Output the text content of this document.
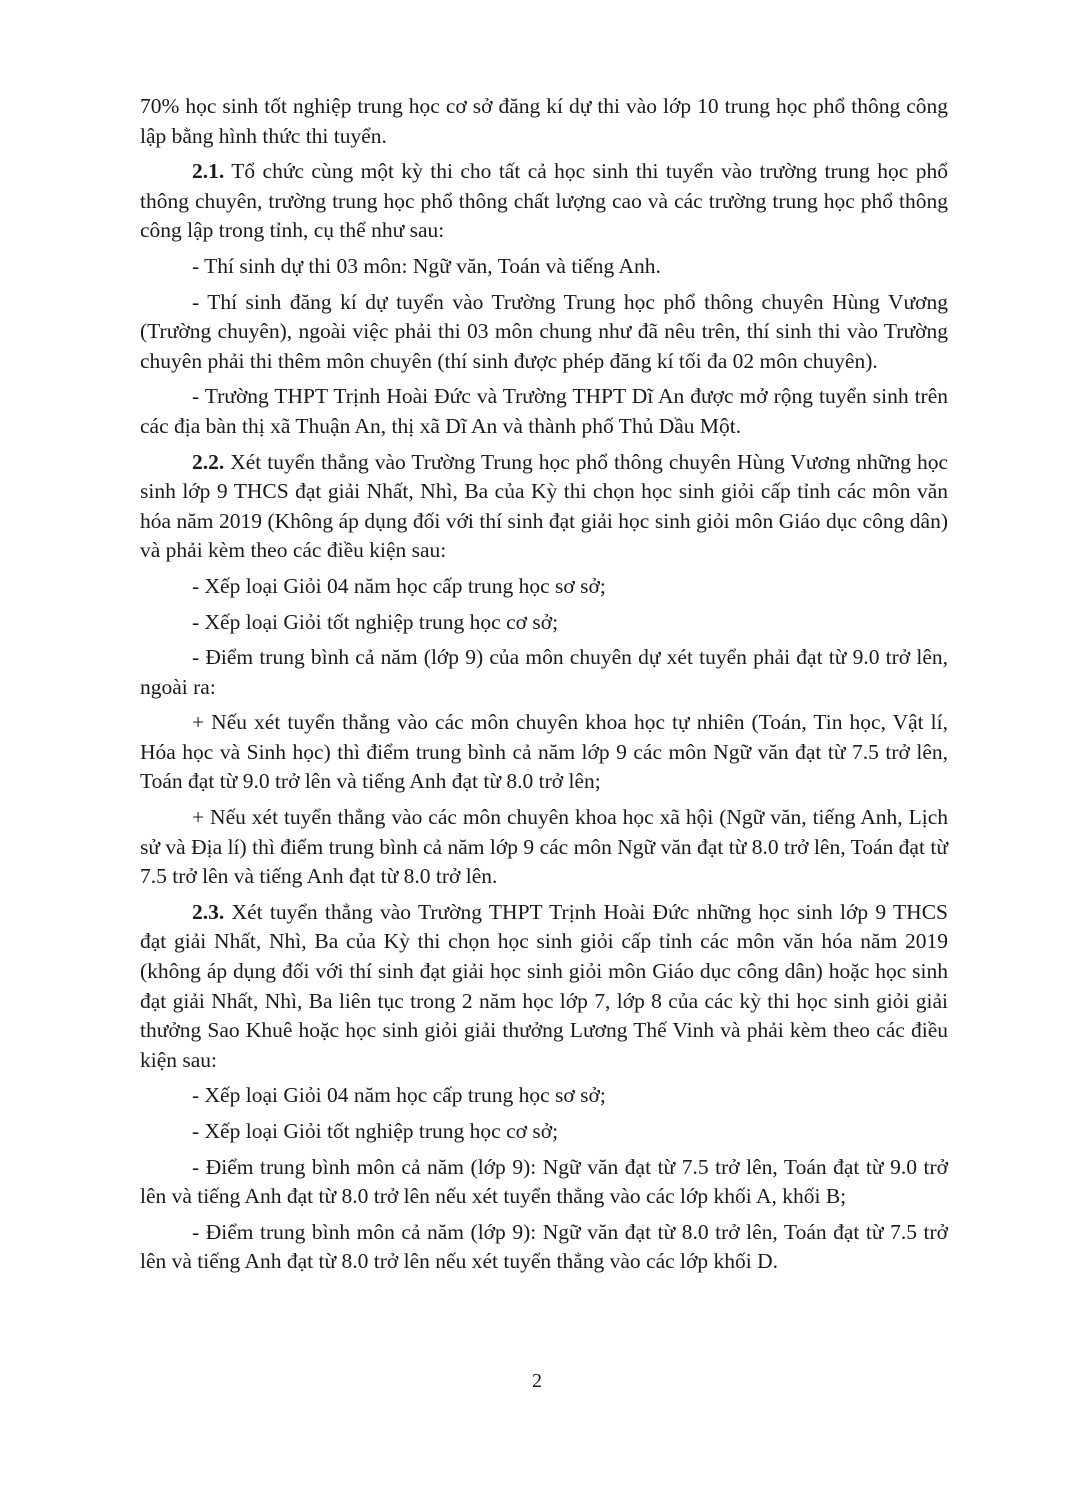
70% học sinh tốt nghiệp trung học cơ sở đăng kí dự thi vào lớp 10 trung học phổ thông công lập bằng hình thức thi tuyển.

2.1. Tổ chức cùng một kỳ thi cho tất cả học sinh thi tuyển vào trường trung học phổ thông chuyên, trường trung học phổ thông chất lượng cao và các trường trung học phổ thông công lập trong tỉnh, cụ thể như sau:

- Thí sinh dự thi 03 môn: Ngữ văn, Toán và tiếng Anh.

- Thí sinh đăng kí dự tuyển vào Trường Trung học phổ thông chuyên Hùng Vương (Trường chuyên), ngoài việc phải thi 03 môn chung như đã nêu trên, thí sinh thi vào Trường chuyên phải thi thêm môn chuyên (thí sinh được phép đăng kí tối đa 02 môn chuyên).

- Trường THPT Trịnh Hoài Đức và Trường THPT Dĩ An được mở rộng tuyển sinh trên các địa bàn thị xã Thuận An, thị xã Dĩ An và thành phố Thủ Dầu Một.

2.2. Xét tuyển thẳng vào Trường Trung học phổ thông chuyên Hùng Vương những học sinh lớp 9 THCS đạt giải Nhất, Nhì, Ba của Kỳ thi chọn học sinh giỏi cấp tỉnh các môn văn hóa năm 2019 (Không áp dụng đối với thí sinh đạt giải học sinh giỏi môn Giáo dục công dân) và phải kèm theo các điều kiện sau:

- Xếp loại Giỏi 04 năm học cấp trung học sơ sở;

- Xếp loại Giỏi tốt nghiệp trung học cơ sở;

- Điểm trung bình cả năm (lớp 9) của môn chuyên dự xét tuyển phải đạt từ 9.0 trở lên, ngoài ra:

+ Nếu xét tuyển thẳng vào các môn chuyên khoa học tự nhiên (Toán, Tin học, Vật lí, Hóa học và Sinh học) thì điểm trung bình cả năm lớp 9 các môn Ngữ văn đạt từ 7.5 trở lên, Toán đạt từ 9.0 trở lên và tiếng Anh đạt từ 8.0 trở lên;

+ Nếu xét tuyển thẳng vào các môn chuyên khoa học xã hội (Ngữ văn, tiếng Anh, Lịch sử và Địa lí) thì điểm trung bình cả năm lớp 9 các môn Ngữ văn đạt từ 8.0 trở lên, Toán đạt từ 7.5 trở lên và tiếng Anh đạt từ 8.0 trở lên.

2.3. Xét tuyển thẳng vào Trường THPT Trịnh Hoài Đức những học sinh lớp 9 THCS đạt giải Nhất, Nhì, Ba của Kỳ thi chọn học sinh giỏi cấp tỉnh các môn văn hóa năm 2019 (không áp dụng đối với thí sinh đạt giải học sinh giỏi môn Giáo dục công dân) hoặc học sinh đạt giải Nhất, Nhì, Ba liên tục trong 2 năm học lớp 7, lớp 8 của các kỳ thi học sinh giỏi giải thưởng Sao Khuê hoặc học sinh giỏi giải thưởng Lương Thế Vinh và phải kèm theo các điều kiện sau:

- Xếp loại Giỏi 04 năm học cấp trung học sơ sở;

- Xếp loại Giỏi tốt nghiệp trung học cơ sở;

- Điểm trung bình môn cả năm (lớp 9): Ngữ văn đạt từ 7.5 trở lên, Toán đạt từ 9.0 trở lên và tiếng Anh đạt từ 8.0 trở lên nếu xét tuyển thẳng vào các lớp khối A, khối B;

- Điểm trung bình môn cả năm (lớp 9): Ngữ văn đạt từ 8.0 trở lên, Toán đạt từ 7.5 trở lên và tiếng Anh đạt từ 8.0 trở lên nếu xét tuyển thẳng vào các lớp khối D.

2
